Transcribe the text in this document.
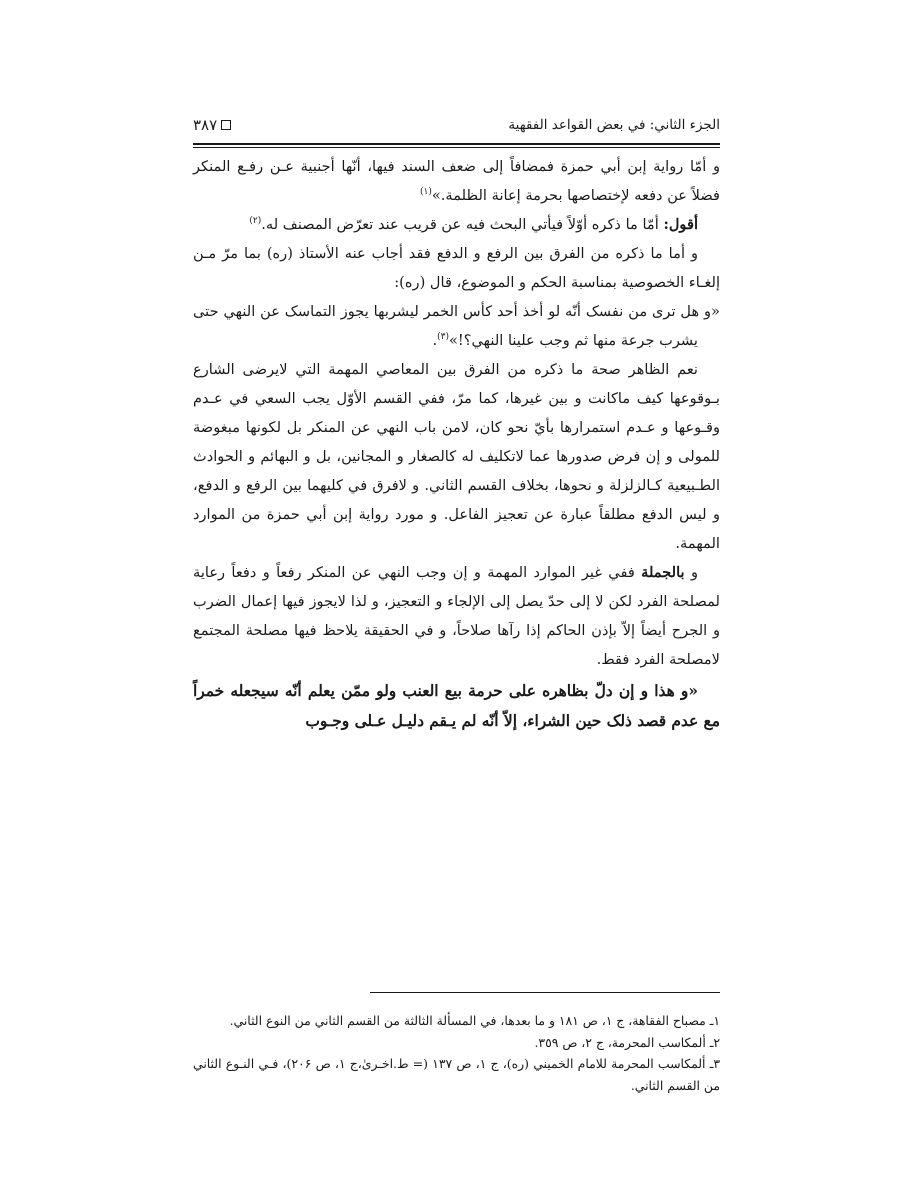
٣٨٧	الجزء الثاني: في بعض القواعد الفقهية

و أمّا رواية إبن أبي حمزة فمضافاً إلى ضعف السند فيها، أنّها أجنبية عـن رفـع المنكر فضلاً عن دفعه لإختصاصها بحرمة إعانة الظلمة.»$^{(١)}$

أقول: أمّا ما ذكره أوّلاً فيأتي البحث فيه عن قريب عند تعرّض المصنف له.$^{(٢)}$

و أما ما ذكره من الفرق بين الرفع و الدفع فقد أجاب عنه الأستاذ (ره) بما مرّ مـن إلغـاء الخصوصية بمناسبة الحكم و الموضوع، قال (ره):

«و هل ترى من نفسک أنّه لو أخذ أحد کأس الخمر ليشربها يجوز التماسک عن النهي حتى يشرب جرعة منها ثم وجب علينا النهي؟!»$^{(٣)}$.

نعم الظاهر صحة ما ذكره من الفرق بين المعاصي المهمة التي لايرضى الشارع بـوقوعها كيف ماكانت و بين غيرها، كما مرّ، ففي القسم الأوّل يجب السعي في عـدم وقـوعها و عـدم استمرارها بأيّ نحو كان، لامن باب النهي عن المنكر بل لكونها مبغوضة للمولى و إن فرض صدورها عما لاتكليف له كالصغار و المجانين، بل و البهائم و الحوادث الطـبيعية كـالزلزلة و نحوها، بخلاف القسم الثاني. و لافرق في كليهما بين الرفع و الدفع، و ليس الدفع مطلقاً عبارة عن تعجيز الفاعل. و مورد رواية إبن أبي حمزة من الموارد المهمة.

و بالجملة ففي غير الموارد المهمة و إن وجب النهي عن المنكر رفعاً و دفعاً رعاية لمصلحة الفرد لكن لا إلى حدّ يصل إلى الإلجاء و التعجيز، و لذا لايجوز فيها إعمال الضرب و الجرح أيضاً إلاّ بإذن الحاكم إذا رآها صلاحاً، و في الحقيقة يلاحظ فيها مصلحة المجتمع لامصلحة الفرد فقط.

«و هذا و إن دلّ بظاهره على حرمة بيع العنب ولو ممّن يعلم أنّه سيجعله خمراً مع عدم قصد ذلک حين الشراء، إلاّ أنّه لم يـقم دليـل عـلى وجـوب

١ـ مصباح الفقاهة، ج ١، ص ١٨١ و ما بعدها، في المسألة الثالثة من القسم الثاني من النوع الثاني.

٢ـ ألمكاسب المحرمة، ج ٢، ص ٣٥٩.

٣ـ ألمكاسب المحرمة للامام الخميني (ره)، ج ١، ص ١٣٧ (= ط.اخـرىٰ،ج ١، ص ٢٠۶)، فـي النـوع الثاني من القسم الثاني.
